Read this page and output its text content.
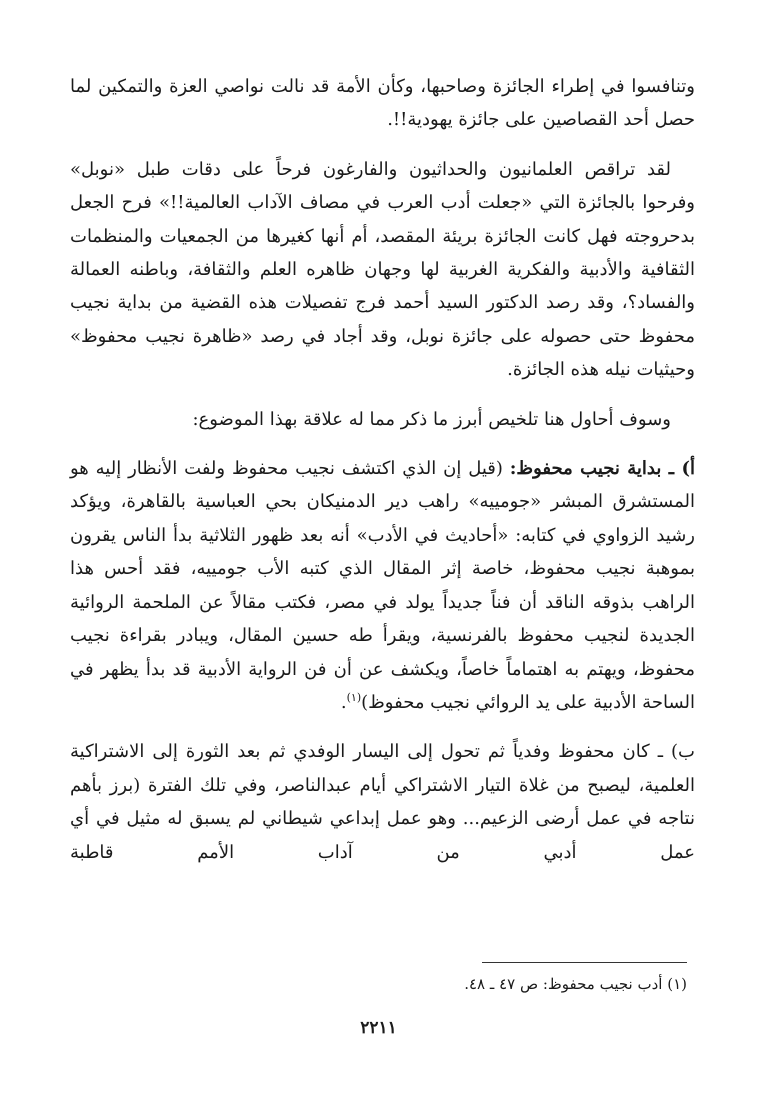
وتنافسوا في إطراء الجائزة وصاحبها، وكأن الأمة قد نالت نواصي العزة والتمكين لما حصل أحد القصاصين على جائزة يهودية!!.

لقد تراقص العلمانيون والحداثيون والفارغون فرحاً على دقات طبل «نوبل» وفرحوا بالجائزة التي «جعلت أدب العرب في مصاف الآداب العالمية!!» فرح الجعل بدحروجته فهل كانت الجائزة بريئة المقصد، أم أنها كغيرها من الجمعيات والمنظمات الثقافية والأدبية والفكرية الغربية لها وجهان ظاهره العلم والثقافة، وباطنه العمالة والفساد؟، وقد رصد الدكتور السيد أحمد فرج تفصيلات هذه القضية من بداية نجيب محفوظ حتى حصوله على جائزة نوبل، وقد أجاد في رصد «ظاهرة نجيب محفوظ» وحيثيات نيله هذه الجائزة.

وسوف أحاول هنا تلخيص أبرز ما ذكر مما له علاقة بهذا الموضوع:

أ) ـ بداية نجيب محفوظ: (قيل إن الذي اكتشف نجيب محفوظ ولفت الأنظار إليه هو المستشرق المبشر «جومييه» راهب دير الدمنيكان بحي العباسية بالقاهرة، ويؤكد رشيد الزواوي في كتابه: «أحاديث في الأدب» أنه بعد ظهور الثلاثية بدأ الناس يقرون بموهبة نجيب محفوظ، خاصة إثر المقال الذي كتبه الأب جومييه، فقد أحس هذا الراهب بذوقه الناقد أن فناً جديداً يولد في مصر، فكتب مقالاً عن الملحمة الروائية الجديدة لنجيب محفوظ بالفرنسية، ويقرأ طه حسين المقال، ويبادر بقراءة نجيب محفوظ، ويهتم به اهتماماً خاصاً، ويكشف عن أن فن الرواية الأدبية قد بدأ يظهر في الساحة الأدبية على يد الروائي نجيب محفوظ)$^{(١)}$.

ب) ـ كان محفوظ وفدياً ثم تحول إلى اليسار الوفدي ثم بعد الثورة إلى الاشتراكية العلمية، ليصبح من غلاة التيار الاشتراكي أيام عبدالناصر، وفي تلك الفترة (برز بأهم نتاجه في عمل أرضى الزعيم... وهو عمل إبداعي شيطاني لم يسبق له مثيل في أي عمل أدبي من آداب الأمم قاطبة

(١) أدب نجيب محفوظ: ص ٤٧ ـ ٤٨.
٢٢١١
